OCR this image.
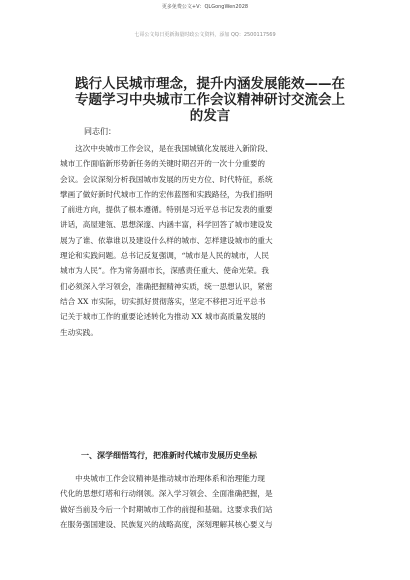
更多免费公文+V：QLGongWen2028
七哥公文每日更新海量时政公文资料，添加 QQ：2500117569
践行人民城市理念，提升内涵发展能效——在
专题学习中央城市工作会议精神研讨交流会上
的发言
同志们：
　　这次中央城市工作会议，是在我国城镇化发展进入新阶段、
城市工作面临新形势新任务的关键时期召开的一次十分重要的
会议。会议深刻分析我国城市发展的历史方位、时代特征，系统
擘画了做好新时代城市工作的宏伟蓝图和实践路径，为我们指明
了前进方向，提供了根本遵循。特别是习近平总书记发表的重要
讲话，高屋建瓴、思想深邃、内涵丰富，科学回答了城市建设发
展为了谁、依靠谁以及建设什么样的城市、怎样建设城市的重大
理论和实践问题。总书记反复强调，“城市是人民的城市，人民
城市为人民”。作为常务副市长，深感责任重大、使命光荣。我
们必须深入学习领会，准确把握精神实质，统一思想认识，紧密
结合 XX 市实际，切实抓好贯彻落实，坚定不移把习近平总书
记关于城市工作的重要论述转化为推动 XX 城市高质量发展的
生动实践。
一、深学细悟笃行，把准新时代城市发展历史坐标
　　中央城市工作会议精神是推动城市治理体系和治理能力现
代化的思想灯塔和行动纲领。深入学习领会、全面准确把握，是
做好当前及今后一个时期城市工作的前提和基础。这要求我们站
在服务强国建设、民族复兴的战略高度，深刻理解其核心要义与
